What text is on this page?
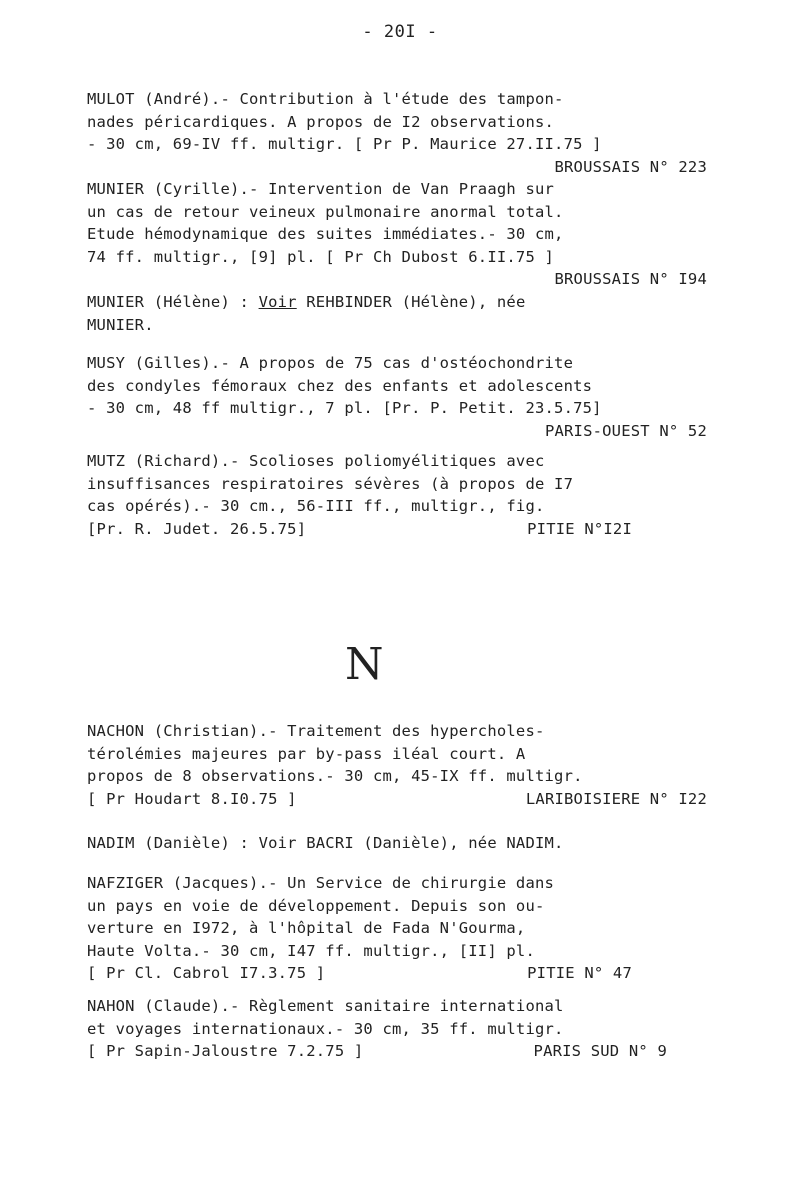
- 20I -
MULOT (André).- Contribution à l'étude des tampon-
nades péricardiques. A propos de I2 observations.
- 30 cm, 69-IV ff. multigr. [ Pr P. Maurice 27.II.75 ]
BROUSSAIS N° 223
MUNIER (Cyrille).- Intervention de Van Praagh sur
un cas de retour veineux pulmonaire anormal total.
Etude hémodynamique des suites immédiates.- 30 cm,
74 ff. multigr., [9] pl. [ Pr Ch Dubost 6.II.75 ]
BROUSSAIS N° I94
MUNIER (Hélène) : Voir REHBINDER (Hélène), née
MUNIER.
MUSY (Gilles).- A propos de 75 cas d'ostéochondrite
des condyles fémoraux chez des enfants et adolescents
- 30 cm, 48 ff multigr., 7 pl. [Pr. P. Petit. 23.5.75]
PARIS-OUEST N° 52
MUTZ (Richard).- Scolioses poliomyélitiques avec
insuffisances respiratoires sévères (à propos de I7
cas opérés).- 30 cm., 56-III ff., multigr., fig.
[Pr. R. Judet. 26.5.75]	PITIE N°I2I
N
NACHON (Christian).- Traitement des hypercholes-
térolémies majeures par by-pass iléal court. A
propos de 8 observations.- 30 cm, 45-IX ff. multigr.
[ Pr Houdart 8.I0.75 ]	LARIBOISIERE N° I22
NADIM (Danièle) : Voir BACRI (Danièle), née NADIM.
NAFZIGER (Jacques).- Un Service de chirurgie dans
un pays en voie de développement. Depuis son ou-
verture en I972, à l'hôpital de Fada N'Gourma,
Haute Volta.- 30 cm, I47 ff. multigr., [II] pl.
[ Pr Cl. Cabrol I7.3.75 ]	PITIE N° 47
NAHON (Claude).- Règlement sanitaire international
et voyages internationaux.- 30 cm, 35 ff. multigr.
[ Pr Sapin-Jaloustre 7.2.75 ]	PARIS SUD N° 9
